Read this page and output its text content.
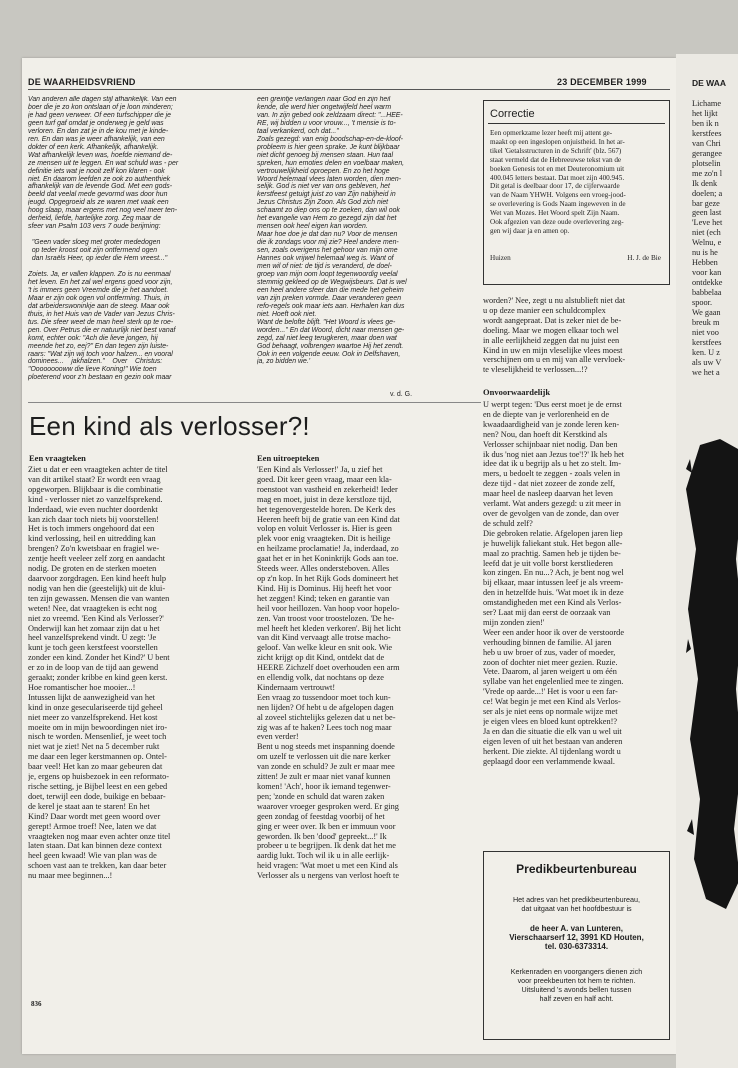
DE WAARHEIDSVRIEND	23 DECEMBER 1999
Van anderen alle dagen stijl afhankelijk. Van een
boer die je zo kon ontslaan of je loon minderen;
je had geen verweer. Of een turfschipper die je
geen turf gaf omdat je onderweg je geld was
verloren. En dan zat je in de kou met je kinde-
ren. En dan was je weer afhankelijk, van een
dokter of een kerk. Afhankelijk, afhankelijk.
Wat afhankelijk leven was, hoefde niemand de-
ze mensen uit te leggen. En wat schuld was - per
definitie iets wat je nooit zelf kon klaren - ook
niet. En daarom leefden ze ook zo authenthiek
afhankelijk van de levende God. Met een gods-
beeld dat veelal mede gevormd was door hun
jeugd. Opgegroeid als ze waren met vaak een
hoog slaap, maar ergens met nog veel meer ten-
derheid, liefde, hartelijke zorg. Zeg maar de
sfeer van Psalm 103 vers 7 oude berijming:

"Geen vader sloeg met groter mededogen
op teder kroost ooit zijn ontfermend ogen
dan Israëls Heer, op ieder die Hem vreest..."

Zoiets. Ja, er vallen klappen. Zo is nu eenmaal
het leven. En het zal wel ergens goed voor zijn,
't is immers geen Vreemde die je het aandoet.
Maar er zijn ook ogen vol ontferming. Thuis, in
dat arbeiderswoninkje aan de steeg. Maar ook
thuis, in het Huis van de Vader van Jezus Chris-
tus. Die sfeer weet de man heel sterk op te roe-
pen. Over Petrus die er natuurlijk niet best vanaf
komt, echter ook: "Ach die lieve jongen, hij
meende het zo, eej?" En dan tegen zijn luiste-
raars: "Wat zijn wij toch voor halzen... en vooral
dominees...    jakhalzen."    Over    Christus:
"Ooooooooww die lieve Koning!" Wie toen
ploeterend voor z'n bestaan en gezin ook maar
een greintje verlangen naar God en zijn heil
kende, die werd hier ongetwijfeld heel warm
van. In zijn gebed ook zeldzaam direct: "...HEE-
RE, wij bidden u voor vrouw..., 't mensie is to-
taal verkankerd, och dat..."
Zoals gezegd: van enig boodschap-en-de-kloof-
probleem is hier geen sprake. Je kunt blijkbaar
niet dicht genoeg bij mensen staan. Hun taal
spreken, hun emoties delen en voelbaar maken,
vertrouwelijkheid oproepen. En zo het hoge
Woord helemaal vlees laten worden, dien men-
selijk. God is niet ver van ons gebleven, het
kerstfeest getuigt juist zo van Zijn nabijheid in
Jezus Christus Zijn Zoon. Als God zich niet
schaamt zo diep ons op te zoeken, dan wil ook
het evangelie van Hem zo gezegd zijn dat het
mensen ook heel eigen kan worden.
Maar hoe doe je dat dan nu? Voor de mensen
die ik zondags voor mij zie? Heel andere men-
sen, zoals overigens het gehoor van mijn ome
Hannes ook vrijwel helemaal weg is. Want of
men wil of niet: de tijd is veranderd, de doel-
groep van mijn oom loopt tegenwoordig veelal
stemmig gekleed op de Wegwijsbeurs. Dat is wel
een heel andere sfeer dan die mede het geheim
van zijn preken vormde. Daar veranderen geen
refo-regels ook maar iets aan. Herhalen kan dus
niet. Hoeft ook niet.
Want de beloftе blijft. "Het Woord is vlees ge-
worden..." En dat Woord, dicht naar mensen ge-
zegd, zal niet leeg terugkeren, maar doen wat
God behaagt, volbrengen waartoe Hij het zendt.
Ook in een volgende eeuw. Ook in Delfshaven,
ja, zo bidden we.'
v. d. G.
Correctie
Een opmerkzame lezer heeft mij attent ge-
maakt op een ingeslopen onjuistheid. In het ar-
tikel 'Getalsstructuren in de Schrift' (blz. 567)
staat vermeld dat de Hebreeuwse tekst van de
boeken Genesis tot en met Deuteronomium uit
400.045 letters bestaat. Dat moet zijn 400.945.
Dit getal is deelbaar door 17, de cijferwaarde
van de Naam YHWH. Volgens een vroeg-jood-
se overlevering is Gods Naam ingeweven in de
Wet van Mozes. Het Woord spelt Zijn Naam.
Ook afgezien van deze oude overlevering zeg-
gen wij daar ja en amen op.
Huizen	H. J. de Bie
worden?' Nee, zegt u nu alstublieft niet dat
u op deze manier een schuldcomplex
wordt aangepraat. Dat is zeker niet de be-
doeling. Maar we mogen elkaar toch wel
in alle eerlijkheid zeggen dat nu juist een
Kind in uw en mijn vleselijke vlees moest
verschijnen om u en mij van alle vervloek-
te vleselijkheid te verlossen...!?
Onvoorwaardelijk
U werpt tegen: 'Dus eerst moet je de ernst
en de diepte van je verlorenheid en de
kwaadaardigheid van je zonde leren ken-
nen? Nou, dan hoeft dit Kerstkind als
Verlosser schijnbaar niet nodig. Dan ben
ik dus 'nog niet aan Jezus toe'!?' Ik heb het
idee dat ik u begrijp als u het zo stelt. Im-
mers, u bedoelt te zeggen - zoals velen in
deze tijd - dat niet zozeer de zonde zelf,
maar heel de nasleep daarvan het leven
verlamt. Wat anders gezegd: u zit meer in
over de gevolgen van de zonde, dan over
de schuld zelf?
Die gebroken relatie. Afgelopen jaren liep
je huwelijk faliekant stuk. Het begon alle-
maal zo prachtig. Samen heb je tijden be-
leefd dat je uit volle borst kerstliederen
kon zingen. En nu...? Ach, je bent nog wel
bij elkaar, maar intussen leef je als vreem-
den in hetzelfde huis. 'Wat moet ik in deze
omstandigheden met een Kind als Verlos-
ser? Laat mij dan eerst de oorzaak van
mijn zonden zien!'
Weer een ander hoor ik over de verstoorde
verhouding binnen de familie. Al jaren
heb u uw broer of zus, vader of moeder,
zoon of dochter niet meer gezien. Ruzie.
Vete. Daarom, al jaren weigert u om één
syllabe van het engelenlied mee te zingen.
'Vrede op aarde...!' Het is voor u een far-
ce! Wat begin je met een Kind als Verlos-
ser als je niet eens op normale wijze met
je eigen vlees en bloed kunt optrekken!?
Ja en dan die situatie die elk van u wel uit
eigen leven of uit het bestaan van anderen
herkent. Die ziekte. Al tijdenlang wordt u
geplaagd door een verlammende kwaal.
Een kind als verlosser?!
Een vraagteken
Ziet u dat er een vraagteken achter de titel
van dit artikel staat? Er wordt een vraag
opgeworpen. Blijkbaar is die combinatie
kind - verlosser niet zo vanzelfsprekend.
Inderdaad, wie even nuchter doordenkt
kan zich daar toch niets bij voorstellen!
Het is toch immers ongehoord dat een
kind verlossing, heil en uitredding kan
brengen? Zo'n kwetsbaar en fragiel we-
zentje heeft veeleer zelf zorg en aandacht
nodig. De groten en de sterken moeten
daarvoor zorgdragen. Een kind heeft hulp
nodig van hen die (geestelijk) uit de klui-
ten zijn gewassen. Mensen die van wanten
weten! Nee, dat vraagteken is echt nog
niet zo vreemd. 'Een Kind als Verlosser?'
Onderwijl kan het zomaar zijn dat u het
heel vanzelfsprekend vindt. U zegt: 'Je
kunt je toch geen kerstfeest voorstellen
zonder een kind. Zonder het Kind?' U bent
er zo in de loop van de tijd aan gewend
geraakt; zonder kribbe en kind geen kerst.
Hoe romantischer hoe mooier...!
Intussen lijkt de aanwezigheid van het
kind in onze geseculariseerde tijd geheel
niet meer zo vanzelfsprekend. Het kost
moeite om in mijn bewoordingen niet iro-
nisch te worden. Mensenlief, je weet toch
niet wat je ziet! Net na 5 december rukt
me daar een leger kerstmannen op. Ontel-
baar veel! Het kan zo maar gebeuren dat
je, ergens op huisbezoek in een reformato-
rische setting, je Bijbel leest en een gebed
doet, terwijl een dode, buikige en bebaar-
de kerel je staat aan te staren! En het
Kind? Daar wordt met geen woord over
gerept! Armoe troef! Nee, laten we dat
vraagteken nog maar even achter onze titel
laten staan. Dat kan binnen deze context
heel geen kwaad! Wie van plan was de
schoen vast aan te trekken, kan daar beter
nu maar mee beginnen...!
Een uitroepteken
'Een Kind als Verlosser!' Ja, u zief het
goed. Dit keer geen vraag, maar een kla-
roenstoot van vastheid en zekerheid! Ieder
mag en moet, juist in deze kerstloze tijd,
het tegenovergestelde horen. De Kerk des
Heeren heeft bij de gratie van een Kind dat
volop en voluit Verlosser is. Hier is geen
plek voor enig vraagteken. Dit is heilige
en heilzame proclamatie! Ja, inderdaad, zo
gaat het er in het Koninkrijk Gods aan toe.
Steeds weer. Alles ondersteboven. Alles
op z'n kop. In het Rijk Gods domineert het
Kind. Hij is Dominus. Hij heeft het voor
het zeggen! Kind; teken en garantie van
heil voor heillozen. Van hoop voor hopelo-
zen. Van troost voor troostelozen. 'De he-
mel heeft het kleden verkoren'. Bij het licht
van dit Kind vervaagt alle trotse macho-
geloof. Van welke kleur en snit ook. Wie
zicht krijgt op dit Kind, ontdekt dat de
HEERE Zichzelf doet overhouden een arm
en ellendig volk, dat nochtans op deze
Kindernaam vertrouwt!
Een vraag zo tussendoor moet toch kun-
nen lijden? Of hebt u de afgelopen dagen
al zoveel stichtelijks gelezen dat u net be-
zig was af te haken? Lees toch nog maar
even verder!
Bent u nog steeds met inspanning doende
om uzelf te verlossen uit die nare kerker
van zonde en schuld? Je zult er maar mee
zitten! Je zult er maar niet vanaf kunnen
komen! 'Ach', hoor ik iemand tegenwer-
pen; 'zonde en schuld dat waren zaken
waarover vroeger gesproken werd. Er ging
geen zondag of feestdag voorbij of het
ging er weer over. Ik ben er immuun voor
geworden. Ik ben 'dood' gepreekt...!' Ik
probeer u te begrijpen. Ik denk dat het me
aardig lukt. Toch wil ik u in alle eerlijk-
heid vragen: 'Wat moet u met een Kind als
Verlosser als u nergens van verlost hoeft te	Predikbeurtenbureau
Het adres van het predikbeurtenbureau,
dat uitgaat van het hoofdbestuur is
de heer A. van Lunteren,
Vierschaarserf 12, 3991 KD Houten,
tel. 030-6373314.
Kerkenraden en voorgangers dienen zich
voor preekbeurten tot hem te richten.
Uitsluitend 's avonds bellen tussen
half zeven en half acht.
836
DE WAA
Lichame
het lijkt
ben ik n
kerstfees
van Chri
gerangee
plotselin
me zo'n l
Ik denk
doelen; a
bar geze
geen last
'Leve het
niet (ech
Welnu, e
nu is he
Hebben
voor kan
ontdekke
babbelaa
spoor.
We gaan
breuk m
niet voo
kerstfees
ken. U z
als uw V
we het a
